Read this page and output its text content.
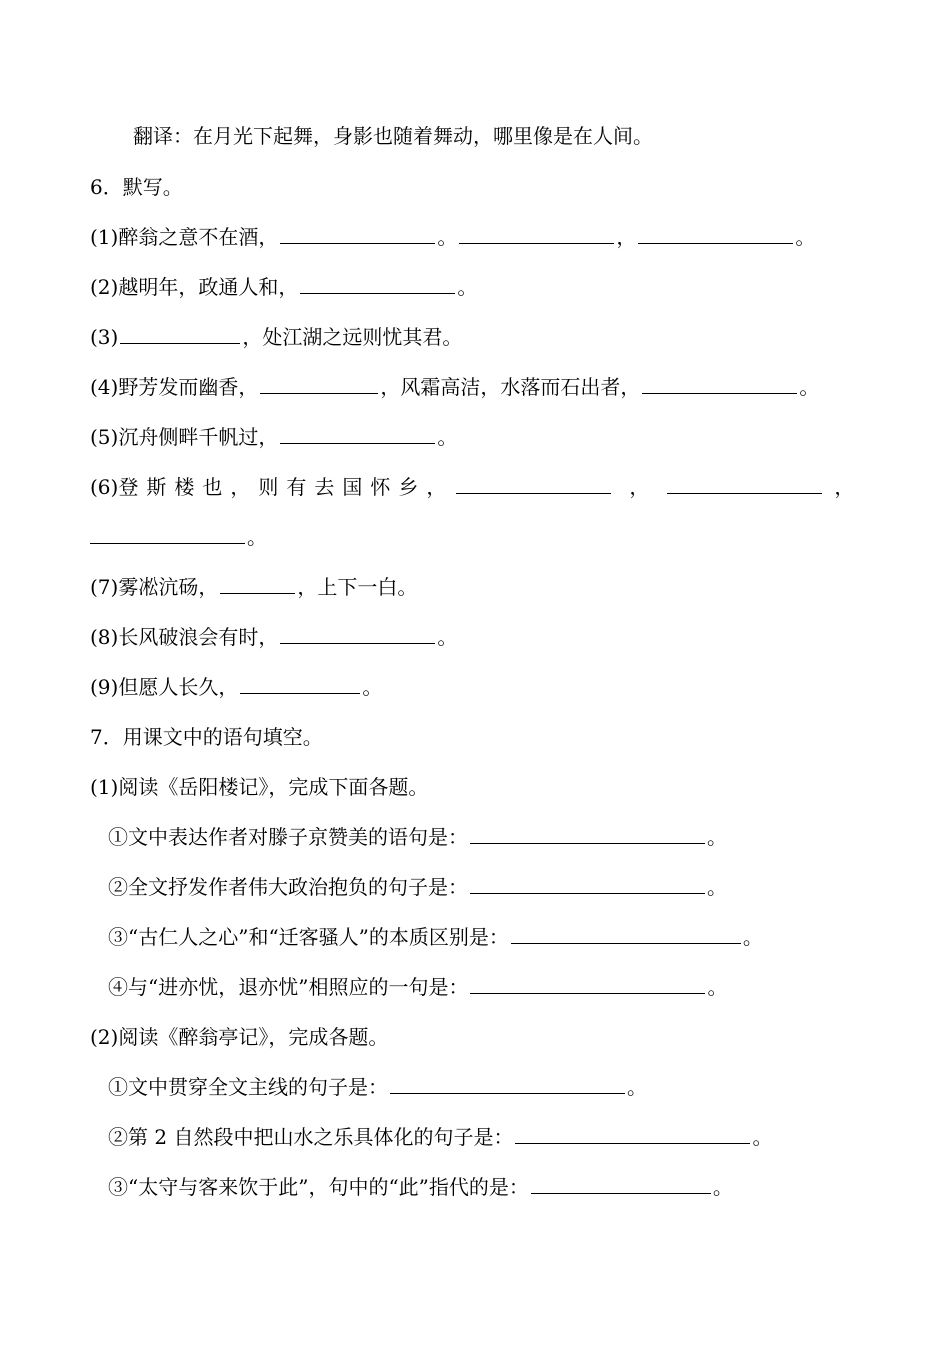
翻译：在月光下起舞，身影也随着舞动，哪里像是在人间。
6．默写。
(1)醉翁之意不在酒，	。	，	。
(2)越明年，政通人和，	。
(3)	，处江湖之远则忧其君。
(4)野芳发而幽香，	，风霜高洁，水落而石出者，	。
(5)沉舟侧畔千帆过，	。
(6)登斯楼也，则有去国怀乡，	，	，
。
(7)雾凇沆砀，	，上下一白。
(8)长风破浪会有时，	。
(9)但愿人长久，	。
7．用课文中的语句填空。
(1)阅读《岳阳楼记》，完成下面各题。
①文中表达作者对滕子京赞美的语句是：	。
②全文抒发作者伟大政治抱负的句子是：	。
③“古仁人之心”和“迁客骚人”的本质区别是：	。
④与“进亦忧，退亦忧”相照应的一句是：	。
(2)阅读《醉翁亭记》，完成各题。
①文中贯穿全文主线的句子是：	。
②第 2 自然段中把山水之乐具体化的句子是：	。
③“太守与客来饮于此”，句中的“此”指代的是：	。
